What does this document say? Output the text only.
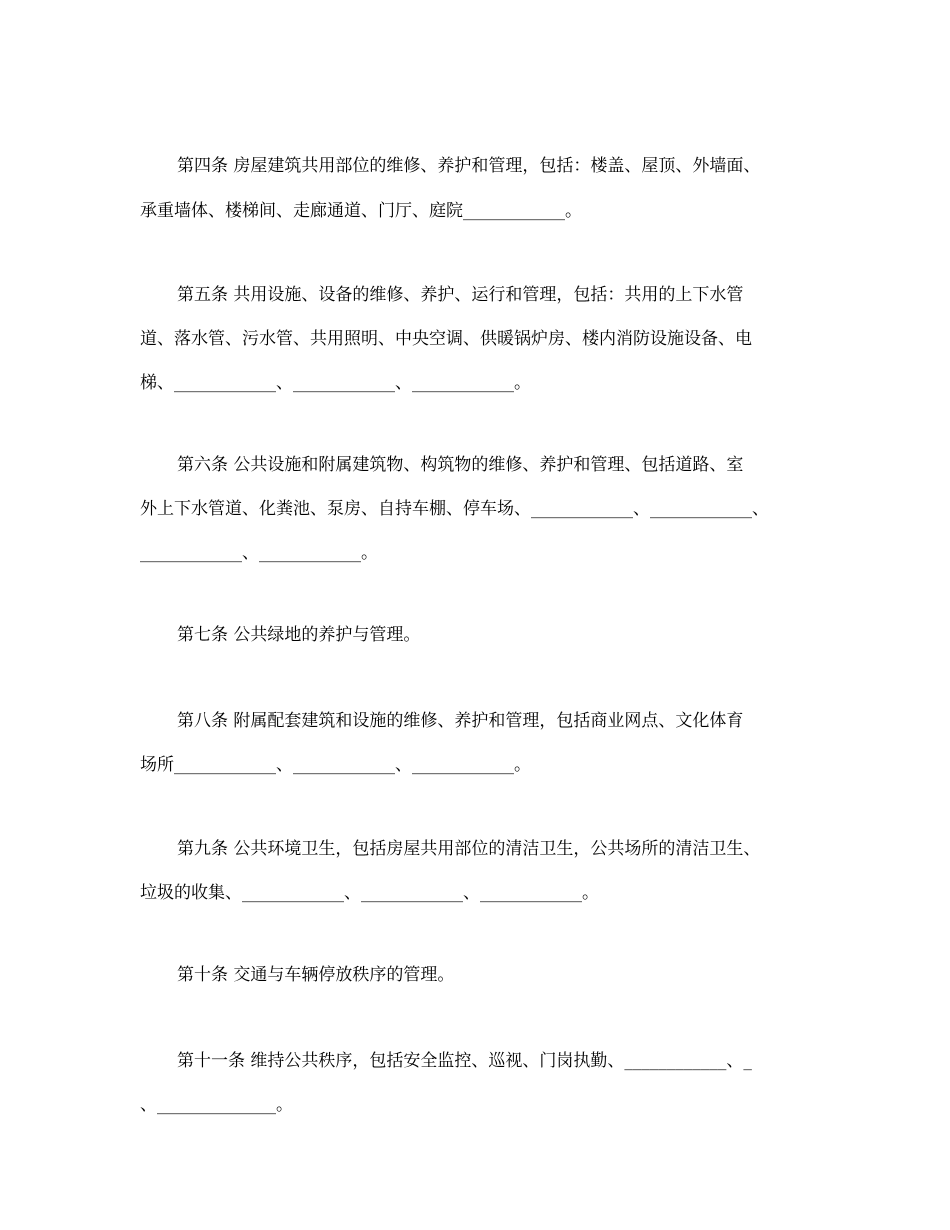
第四条 房屋建筑共用部位的维修、养护和管理，包括：楼盖、屋顶、外墙面、
承重墙体、楼梯间、走廊通道、门厅、庭院____________。
第五条 共用设施、设备的维修、养护、运行和管理，包括：共用的上下水管
道、落水管、污水管、共用照明、中央空调、供暖锅炉房、楼内消防设施设备、电
梯、____________、____________、____________。
第六条 公共设施和附属建筑物、构筑物的维修、养护和管理、包括道路、室
外上下水管道、化粪池、泵房、自持车棚、停车场、____________、____________、
____________、____________。
第七条 公共绿地的养护与管理。
第八条 附属配套建筑和设施的维修、养护和管理，包括商业网点、文化体育
场所____________、____________、____________。
第九条 公共环境卫生，包括房屋共用部位的清洁卫生，公共场所的清洁卫生、
垃圾的收集、____________、____________、____________。
第十条 交通与车辆停放秩序的管理。
第十一条 维持公共秩序，包括安全监控、巡视、门岗执勤、____________、_
、______________。
